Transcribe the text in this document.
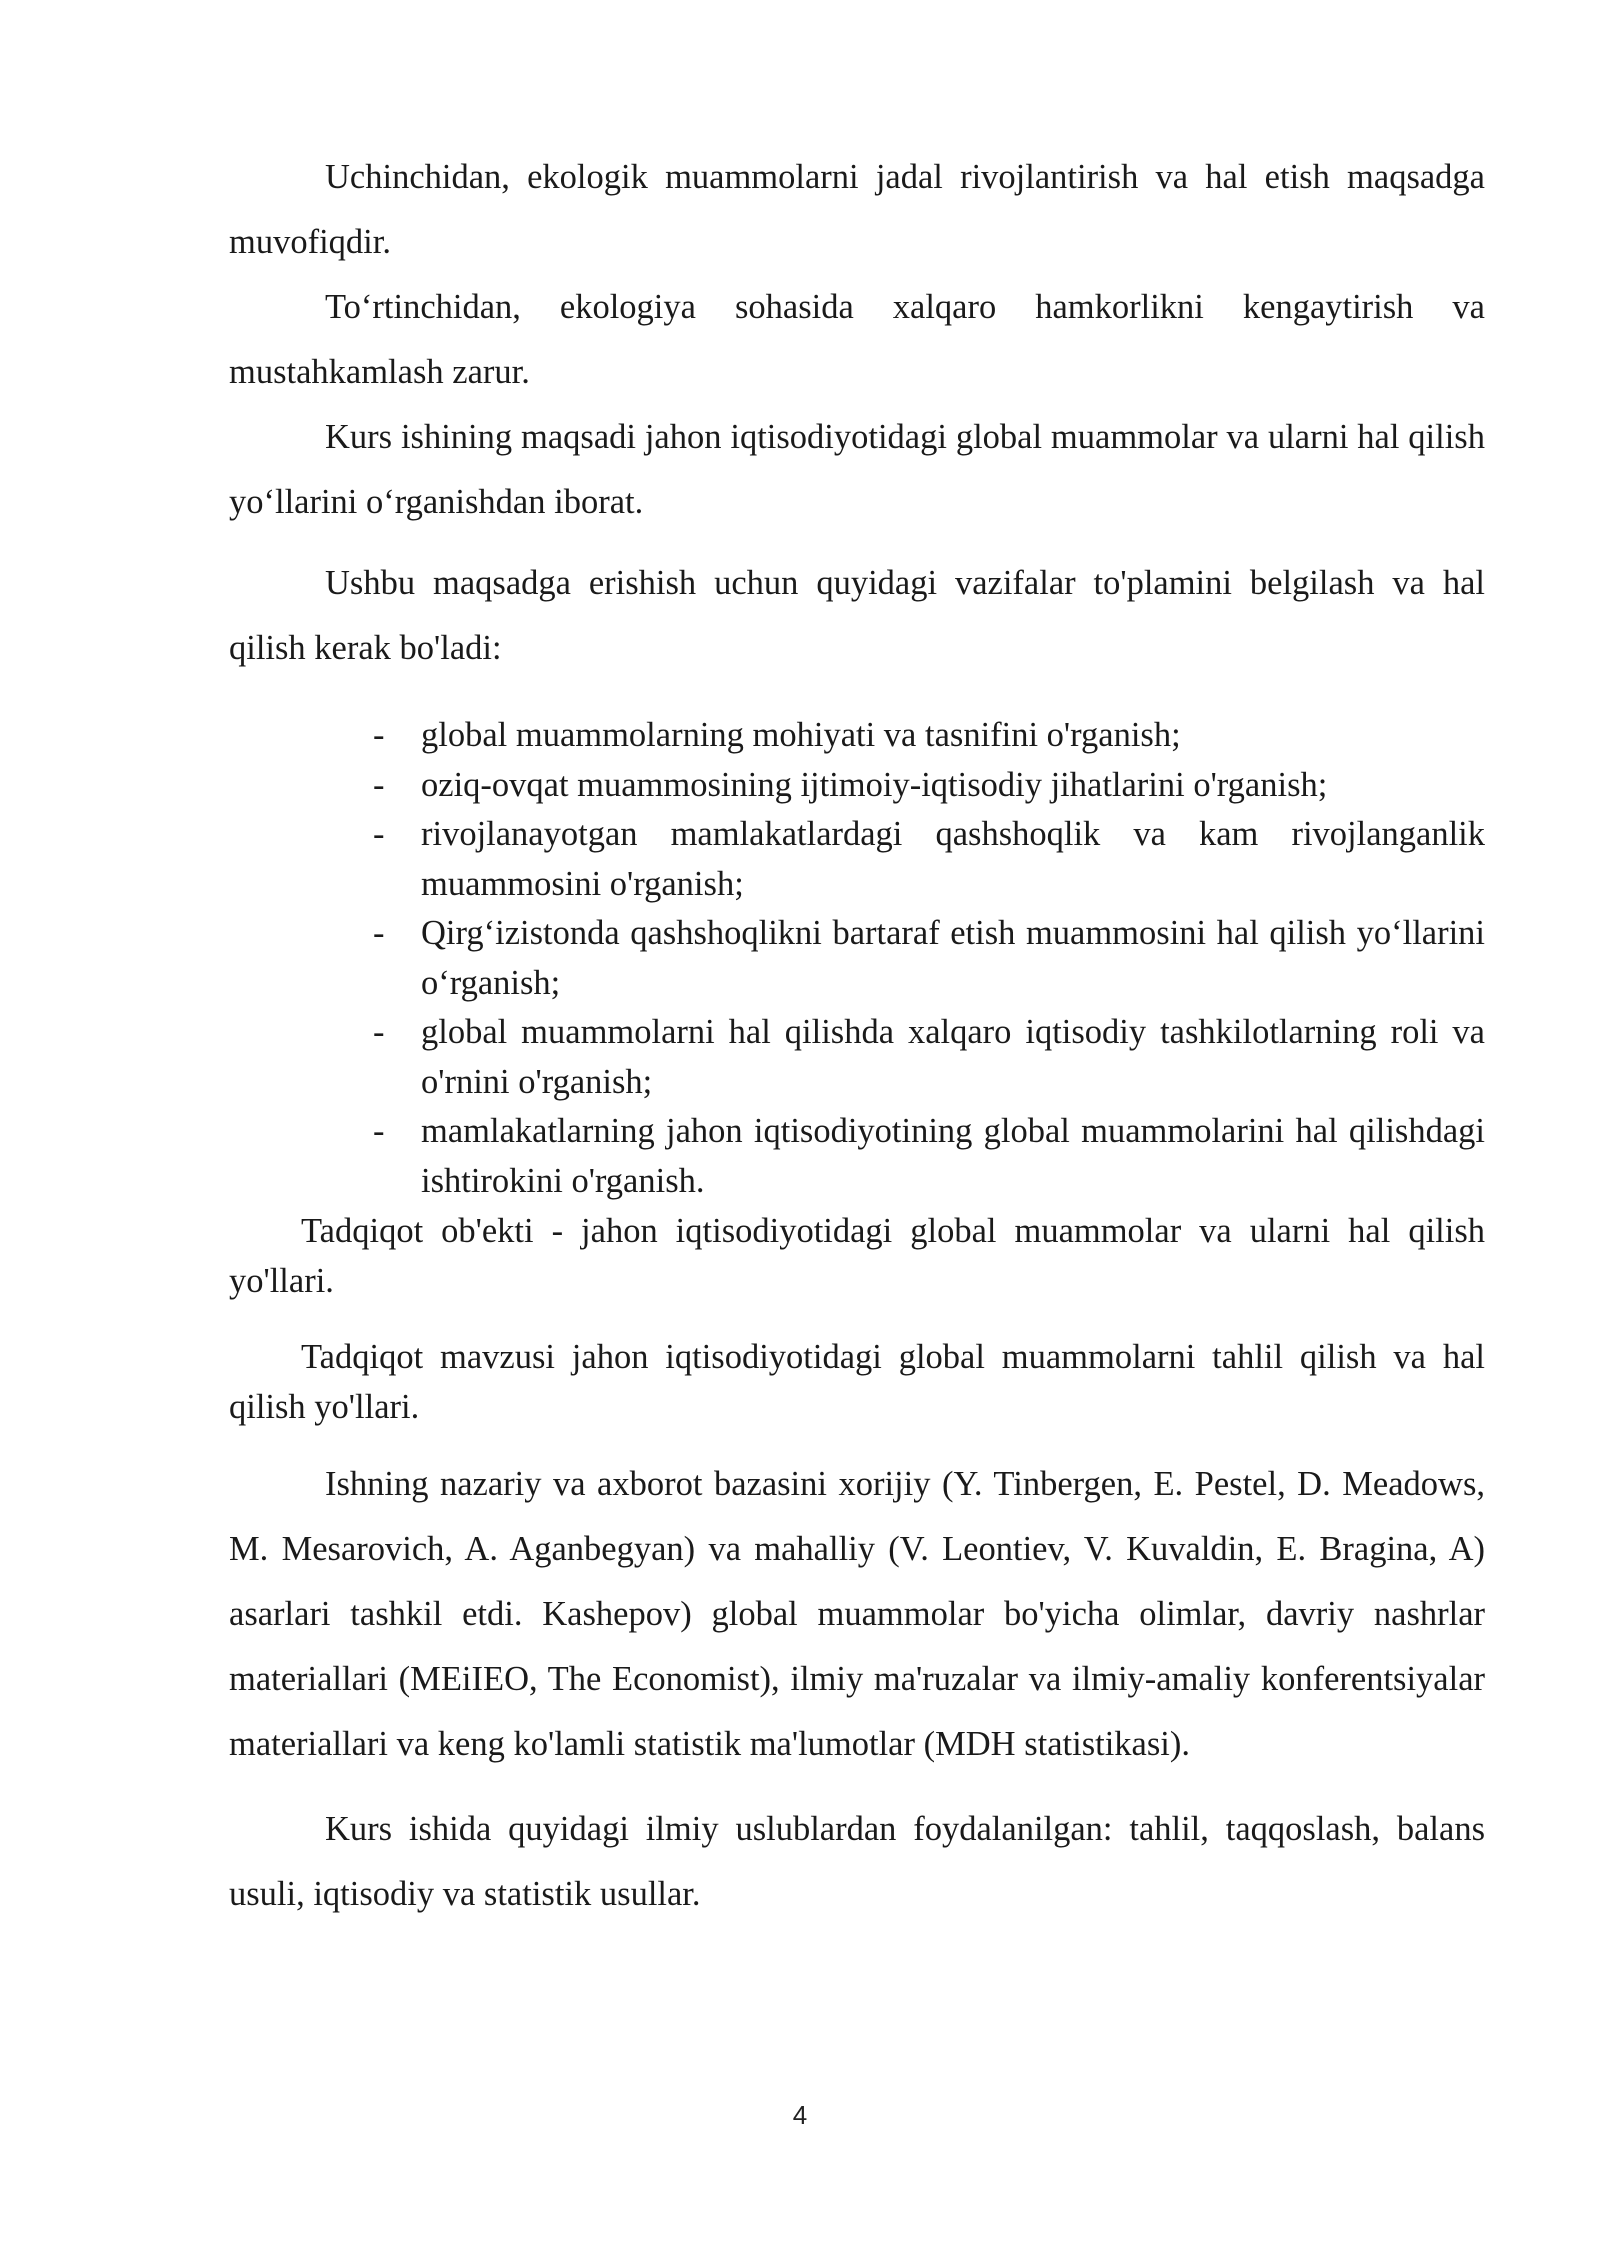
Uchinchidan, ekologik muammolarni jadal rivojlantirish va hal etish maqsadga muvofiqdir.

To‘rtinchidan, ekologiya sohasida xalqaro hamkorlikni kengaytirish va mustahkamlash zarur.

Kurs ishining maqsadi jahon iqtisodiyotidagi global muammolar va ularni hal qilish yo‘llarini o‘rganishdan iborat.

Ushbu maqsadga erishish uchun quyidagi vazifalar to'plamini belgilash va hal qilish kerak bo'ladi:

- global muammolarning mohiyati va tasnifini o'rganish;
- oziq-ovqat muammosining ijtimoiy-iqtisodiy jihatlarini o'rganish;
- rivojlanayotgan mamlakatlardagi qashshoqlik va kam rivojlanganlik muammosini o'rganish;
- Qirg‘izistonda qashshoqlikni bartaraf etish muammosini hal qilish yo‘llarini o‘rganish;
- global muammolarni hal qilishda xalqaro iqtisodiy tashkilotlarning roli va o'rnini o'rganish;
- mamlakatlarning jahon iqtisodiyotining global muammolarini hal qilishdagi ishtirokini o'rganish.

Tadqiqot ob'ekti - jahon iqtisodiyotidagi global muammolar va ularni hal qilish yo'llari.

Tadqiqot mavzusi jahon iqtisodiyotidagi global muammolarni tahlil qilish va hal qilish yo'llari.

Ishning nazariy va axborot bazasini xorijiy (Y. Tinbergen, E. Pestel, D. Meadows, M. Mesarovich, A. Aganbegyan) va mahalliy (V. Leontiev, V. Kuvaldin, E. Bragina, A) asarlari tashkil etdi. Kashepov) global muammolar bo'yicha olimlar, davriy nashrlar materiallari (MEiIEO, The Economist), ilmiy ma'ruzalar va ilmiy-amaliy konferentsiyalar materiallari va keng ko'lamli statistik ma'lumotlar (MDH statistikasi).

Kurs ishida quyidagi ilmiy uslublardan foydalanilgan: tahlil, taqqoslash, balans usuli, iqtisodiy va statistik usullar.

4
